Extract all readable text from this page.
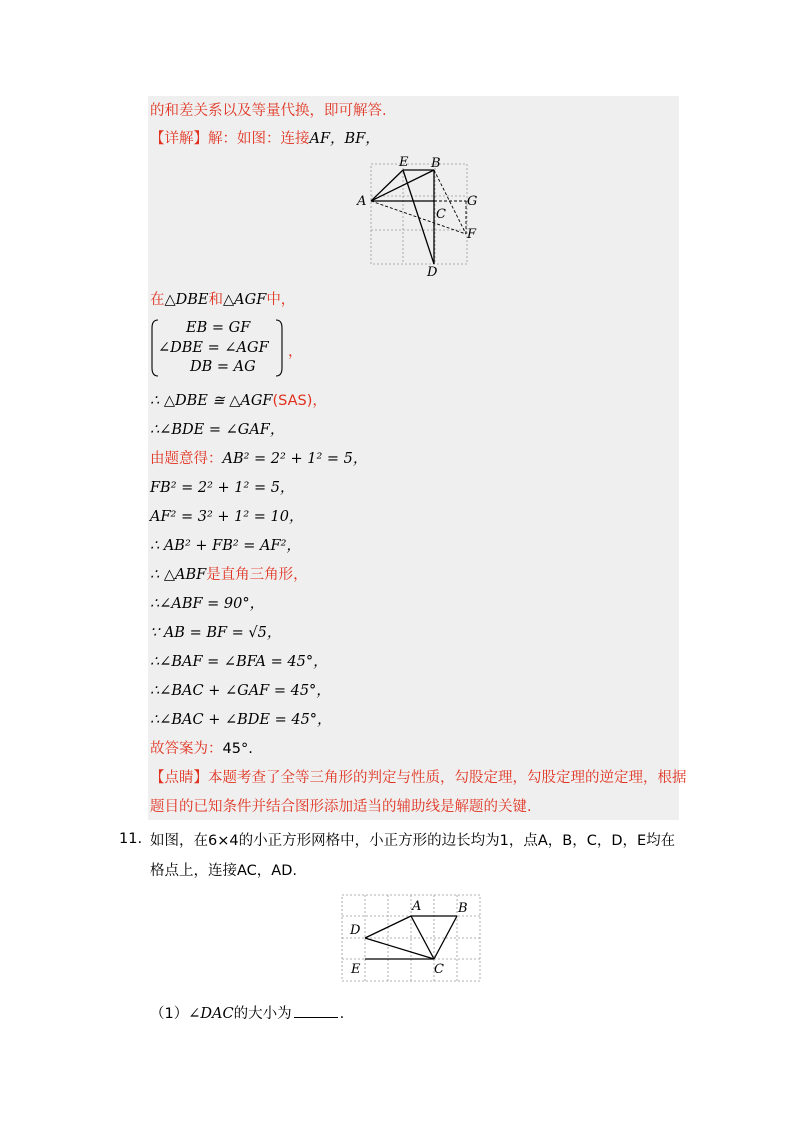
的和差关系以及等量代换，即可解答.
【详解】解：如图：连接AF，BF，
E B
A	G
C
F
D
在△DBE和△AGF中，
EB = GF
∠DBE = ∠AGF
DB = AG
，
∴ △DBE ≅ △AGF(SAS)，
∴∠BDE = ∠GAF，
由题意得：AB² = 2² + 1² = 5，
FB² = 2² + 1² = 5，
AF² = 3² + 1² = 10，
∴ AB² + FB² = AF²，
∴ △ABF是直角三角形，
∴∠ABF = 90°，
∵ AB = BF = √5，
∴∠BAF = ∠BFA = 45°，
∴∠BAC + ∠GAF = 45°，
∴∠BAC + ∠BDE = 45°，
故答案为：45°.
【点睛】本题考查了全等三角形的判定与性质，勾股定理，勾股定理的逆定理，根据
题目的已知条件并结合图形添加适当的辅助线是解题的关键.
11. 如图，在6×4的小正方形网格中，小正方形的边长均为1，点A，B，C，D，E均在
格点上，连接AC，AD.
A	B
D
E	C
（1）∠DAC的大小为	.
